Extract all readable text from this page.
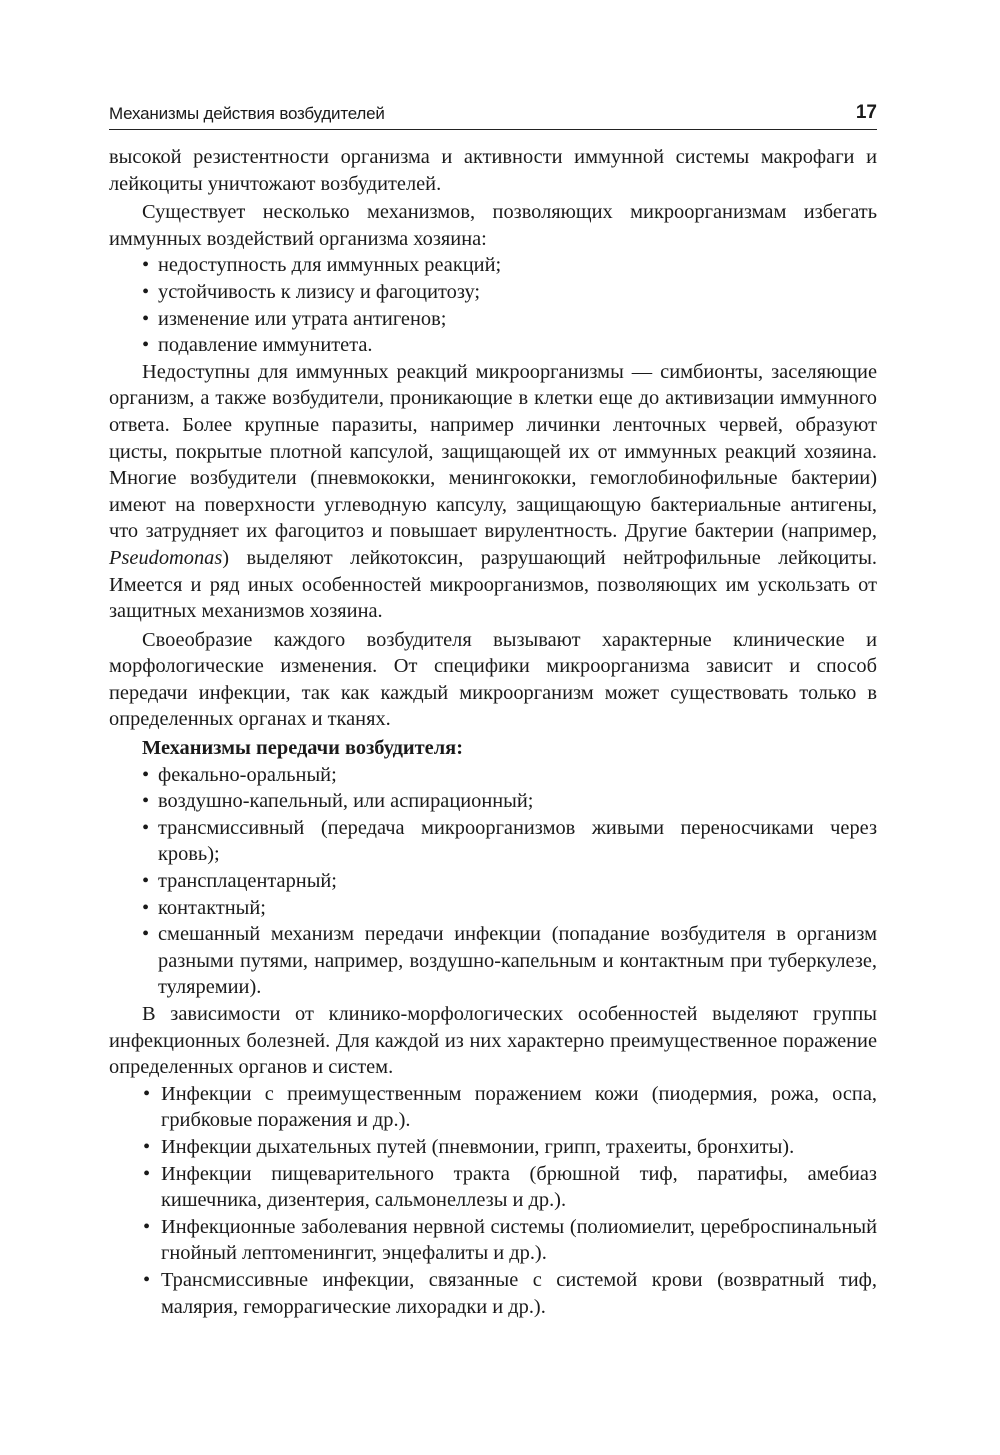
Механизмы действия возбудителей	17

высокой резистентности организма и активности иммунной системы макрофаги и лейкоциты уничтожают возбудителей.

Существует несколько механизмов, позволяющих микроорганизмам избегать иммунных воздействий организма хозяина:

• недоступность для иммунных реакций;
• устойчивость к лизису и фагоцитозу;
• изменение или утрата антигенов;
• подавление иммунитета.

Недоступны для иммунных реакций микроорганизмы — симбионты, заселяющие организм, а также возбудители, проникающие в клетки еще до активизации иммунного ответа. Более крупные паразиты, например личинки ленточных червей, образуют цисты, покрытые плотной капсулой, защищающей их от иммунных реакций хозяина. Многие возбудители (пневмококки, менингококки, гемоглобинофильные бактерии) имеют на поверхности углеводную капсулу, защищающую бактериальные антигены, что затрудняет их фагоцитоз и повышает вирулентность. Другие бактерии (например, Pseudomonas) выделяют лейкотоксин, разрушающий нейтрофильные лейкоциты. Имеется и ряд иных особенностей микроорганизмов, позволяющих им ускользать от защитных механизмов хозяина.

Своеобразие каждого возбудителя вызывают характерные клинические и морфологические изменения. От специфики микроорганизма зависит и способ передачи инфекции, так как каждый микроорганизм может существовать только в определенных органах и тканях.

Механизмы передачи возбудителя:

• фекально-оральный;
• воздушно-капельный, или аспирационный;
• трансмиссивный (передача микроорганизмов живыми переносчиками через кровь);
• трансплацентарный;
• контактный;
• смешанный механизм передачи инфекции (попадание возбудителя в организм разными путями, например, воздушно-капельным и контактным при туберкулезе, туляремии).

В зависимости от клинико-морфологических особенностей выделяют группы инфекционных болезней. Для каждой из них характерно преимущественное поражение определенных органов и систем.

• Инфекции с преимущественным поражением кожи (пиодермия, рожа, оспа, грибковые поражения и др.).
• Инфекции дыхательных путей (пневмонии, грипп, трахеиты, бронхиты).
• Инфекции пищеварительного тракта (брюшной тиф, паратифы, амебиаз кишечника, дизентерия, сальмонеллезы и др.).
• Инфекционные заболевания нервной системы (полиомиелит, цереброспинальный гнойный лептоменингит, энцефалиты и др.).
• Трансмиссивные инфекции, связанные с системой крови (возвратный тиф, малярия, геморрагические лихорадки и др.).
